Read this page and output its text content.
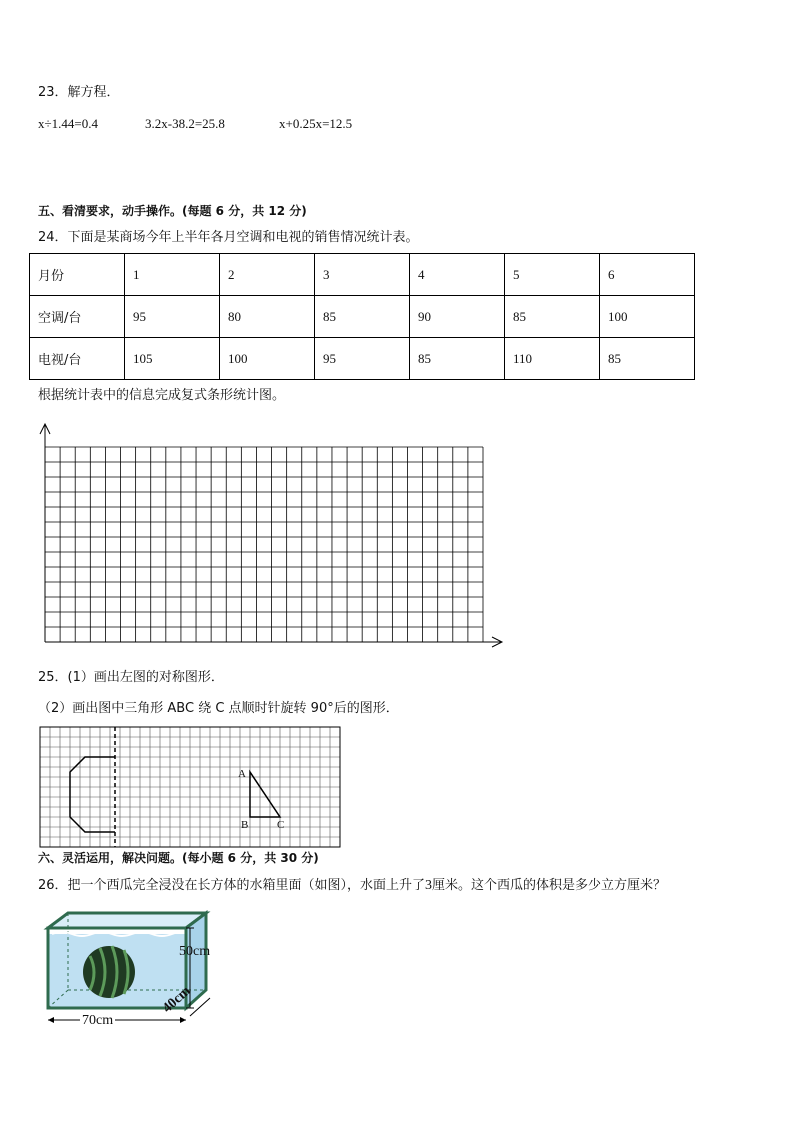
23．解方程．
x÷1.44=0.4	3.2x-38.2=25.8	x+0.25x=12.5
五、看清要求，动手操作。(每题 6 分，共 12 分)
24．下面是某商场今年上半年各月空调和电视的销售情况统计表。
月份	1	2	3	4	5	6
空调/台	95	80	85	90	85	100
电视/台	105	100	95	85	110	85
根据统计表中的信息完成复式条形统计图。
25．(1）画出左图的对称图形．
（2）画出图中三角形 ABC 绕 C 点顺时针旋转 90°后的图形．
A
B	C
六、灵活运用，解决问题。(每小题 6 分，共 30 分)
26．把一个西瓜完全浸没在长方体的水箱里面（如图），水面上升了3厘米。这个西瓜的体积是多少立方厘米？
50cm
70cm
40cm
